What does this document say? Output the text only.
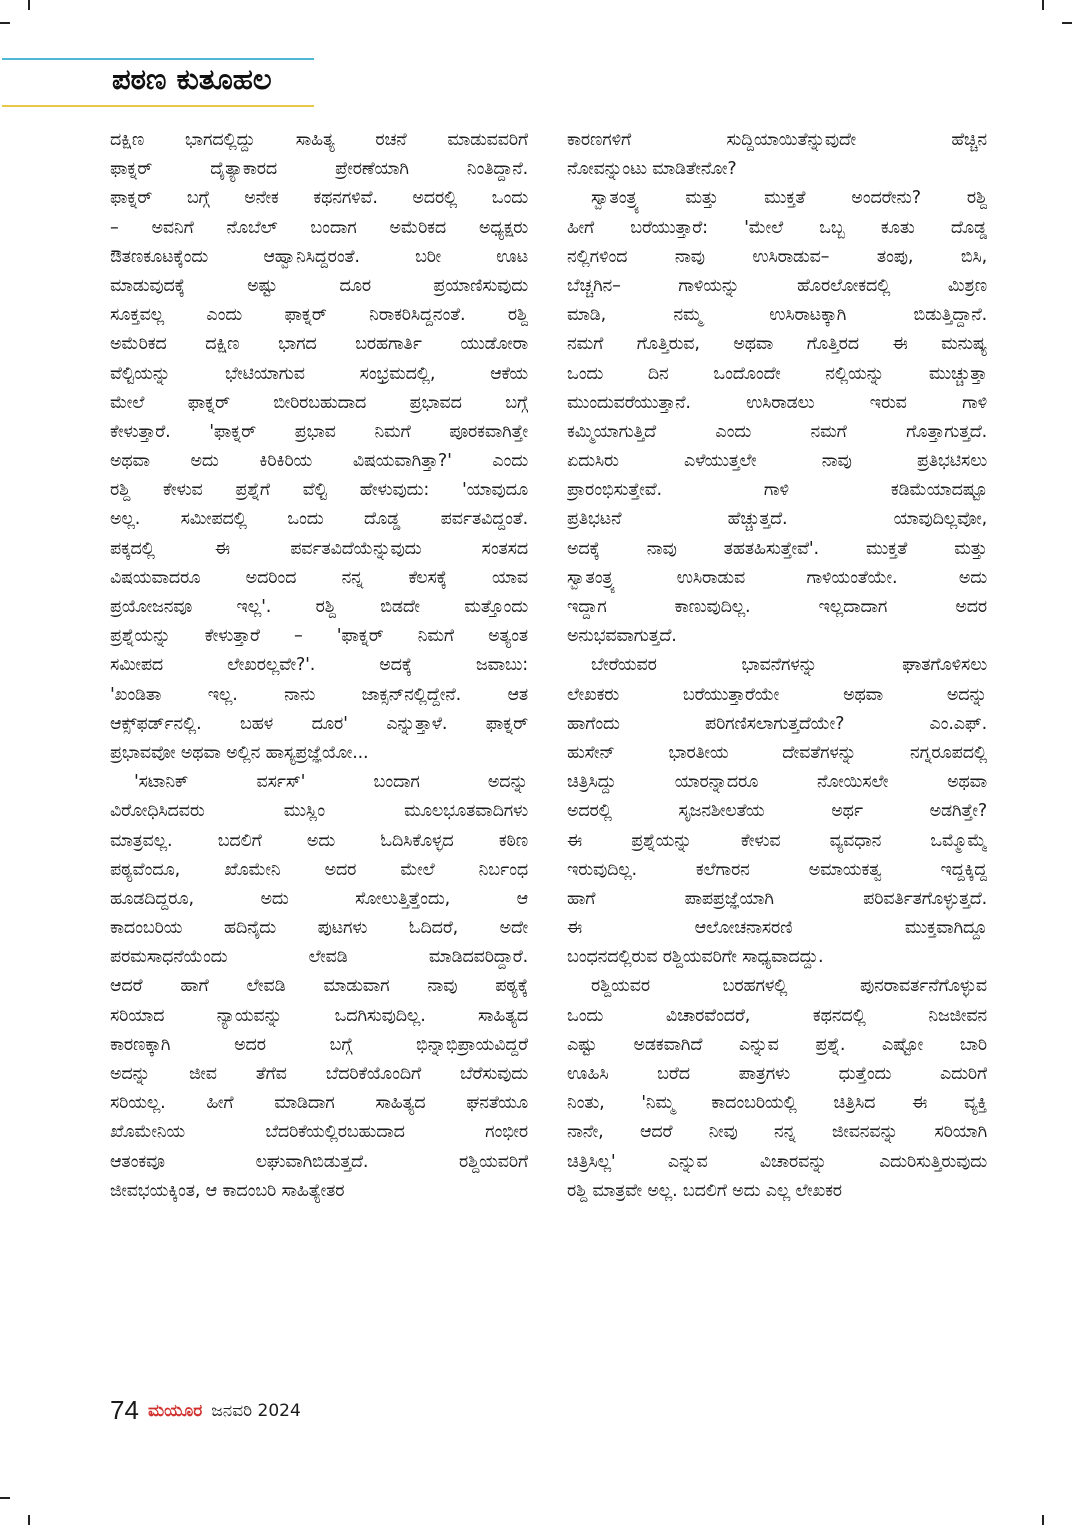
ಪಠಣ ಕುತೂಹಲ
ದಕ್ಷಿಣ ಭಾಗದಲ್ಲಿದ್ದು ಸಾಹಿತ್ಯ ರಚನೆ ಮಾಡುವವರಿಗೆ
ಫಾಕ್ನರ್ ದೈತ್ಯಾಕಾರದ ಪ್ರೇರಣೆಯಾಗಿ ನಿಂತಿದ್ದಾನೆ.
ಫಾಕ್ನರ್ ಬಗ್ಗೆ ಅನೇಕ ಕಥನಗಳಿವೆ. ಅದರಲ್ಲಿ ಒಂದು
– ಅವನಿಗೆ ನೊಬೆಲ್ ಬಂದಾಗ ಅಮೆರಿಕದ ಅಧ್ಯಕ್ಷರು
ಔತಣಕೂಟಕ್ಕೆಂದು ಆಹ್ವಾನಿಸಿದ್ದರಂತೆ. ಬರೀ ಊಟ
ಮಾಡುವುದಕ್ಕೆ ಅಷ್ಟು ದೂರ ಪ್ರಯಾಣಿಸುವುದು
ಸೂಕ್ತವಲ್ಲ ಎಂದು ಫಾಕ್ನರ್ ನಿರಾಕರಿಸಿದ್ದನಂತೆ. ರಶ್ದಿ
ಅಮೆರಿಕದ ದಕ್ಷಿಣ ಭಾಗದ ಬರಹಗಾರ್ತಿ ಯುಡೋರಾ
ವೆಲ್ಟಿಯನ್ನು ಭೇಟಿಯಾಗುವ ಸಂಭ್ರಮದಲ್ಲಿ, ಆಕೆಯ
ಮೇಲೆ ಫಾಕ್ನರ್ ಬೀರಿರಬಹುದಾದ ಪ್ರಭಾವದ ಬಗ್ಗೆ
ಕೇಳುತ್ತಾರೆ. 'ಫಾಕ್ನರ್ ಪ್ರಭಾವ ನಿಮಗೆ ಪೂರಕವಾಗಿತ್ತೇ
ಅಥವಾ ಅದು ಕಿರಿಕಿರಿಯ ವಿಷಯವಾಗಿತ್ತಾ?' ಎಂದು
ರಶ್ದಿ ಕೇಳುವ ಪ್ರಶ್ನೆಗೆ ವೆಲ್ಟಿ ಹೇಳುವುದು: 'ಯಾವುದೂ
ಅಲ್ಲ. ಸಮೀಪದಲ್ಲಿ ಒಂದು ದೊಡ್ಡ ಪರ್ವತವಿದ್ದಂತೆ.
ಪಕ್ಕದಲ್ಲಿ ಈ ಪರ್ವತವಿದೆಯೆನ್ನುವುದು ಸಂತಸದ
ವಿಷಯವಾದರೂ ಅದರಿಂದ ನನ್ನ ಕೆಲಸಕ್ಕೆ ಯಾವ
ಪ್ರಯೋಜನವೂ ಇಲ್ಲ'. ರಶ್ದಿ ಬಿಡದೇ ಮತ್ತೊಂದು
ಪ್ರಶ್ನೆಯನ್ನು ಕೇಳುತ್ತಾರೆ – 'ಫಾಕ್ನರ್ ನಿಮಗೆ ಅತ್ಯಂತ
ಸಮೀಪದ ಲೇಖರಲ್ಲವೇ?'. ಅದಕ್ಕೆ ಜವಾಬು:
'ಖಂಡಿತಾ ಇಲ್ಲ. ನಾನು ಜಾಕ್ಸನ್‌ನಲ್ಲಿದ್ದೇನೆ. ಆತ
ಆಕ್ಸ್‌ಫರ್ಡ್‌ನಲ್ಲಿ. ಬಹಳ ದೂರ' ಎನ್ನುತ್ತಾಳೆ. ಫಾಕ್ನರ್
ಪ್ರಭಾವವೋ ಅಥವಾ ಅಲ್ಲಿನ ಹಾಸ್ಯಪ್ರಜ್ಞೆಯೋ...
'ಸಟಾನಿಕ್ ವರ್ಸಸ್' ಬಂದಾಗ ಅದನ್ನು
ವಿರೋಧಿಸಿದವರು ಮುಸ್ಲಿಂ ಮೂಲಭೂತವಾದಿಗಳು
ಮಾತ್ರವಲ್ಲ. ಬದಲಿಗೆ ಅದು ಓದಿಸಿಕೊಳ್ಳದ ಕಠಿಣ
ಪಠ್ಯವೆಂದೂ, ಖೊಮೇನಿ ಅದರ ಮೇಲೆ ನಿರ್ಬಂಧ
ಹೂಡದಿದ್ದರೂ, ಅದು ಸೋಲುತ್ತಿತ್ತೆಂದು, ಆ
ಕಾದಂಬರಿಯ ಹದಿನೈದು ಪುಟಗಳು ಓದಿದರೆ, ಅದೇ
ಪರಮಸಾಧನೆಯೆಂದು ಲೇವಡಿ ಮಾಡಿದವರಿದ್ದಾರೆ.
ಆದರೆ ಹಾಗೆ ಲೇವಡಿ ಮಾಡುವಾಗ ನಾವು ಪಠ್ಯಕ್ಕೆ
ಸರಿಯಾದ ನ್ಯಾಯವನ್ನು ಒದಗಿಸುವುದಿಲ್ಲ. ಸಾಹಿತ್ಯದ
ಕಾರಣಕ್ಕಾಗಿ ಅದರ ಬಗ್ಗೆ ಭಿನ್ನಾಭಿಪ್ರಾಯವಿದ್ದರೆ
ಅದನ್ನು ಜೀವ ತೆಗೆವ ಬೆದರಿಕೆಯೊಂದಿಗೆ ಬೆರೆಸುವುದು
ಸರಿಯಲ್ಲ. ಹೀಗೆ ಮಾಡಿದಾಗ ಸಾಹಿತ್ಯದ ಘನತೆಯೂ
ಖೊಮೇನಿಯ ಬೆದರಿಕೆಯಲ್ಲಿರಬಹುದಾದ ಗಂಭೀರ
ಆತಂಕವೂ ಲಘುವಾಗಿಬಿಡುತ್ತದೆ. ರಶ್ದಿಯವರಿಗೆ
ಜೀವಭಯಕ್ಕಿಂತ, ಆ ಕಾದಂಬರಿ ಸಾಹಿತ್ಯೇತರ
ಕಾರಣಗಳಿಗೆ ಸುದ್ದಿಯಾಯಿತೆನ್ನುವುದೇ ಹೆಚ್ಚಿನ
ನೋವನ್ನುಂಟು ಮಾಡಿತೇನೋ?
ಸ್ವಾತಂತ್ರ್ಯ ಮತ್ತು ಮುಕ್ತತೆ ಅಂದರೇನು? ರಶ್ದಿ
ಹೀಗೆ ಬರೆಯುತ್ತಾರೆ: 'ಮೇಲೆ ಒಬ್ಬ ಕೂತು ದೊಡ್ಡ
ನಲ್ಲಿಗಳಿಂದ ನಾವು ಉಸಿರಾಡುವ– ತಂಪು, ಬಿಸಿ,
ಬೆಚ್ಚಗಿನ– ಗಾಳಿಯನ್ನು ಹೊರಲೋಕದಲ್ಲಿ ಮಿಶ್ರಣ
ಮಾಡಿ, ನಮ್ಮ ಉಸಿರಾಟಕ್ಕಾಗಿ ಬಿಡುತ್ತಿದ್ದಾನೆ.
ನಮಗೆ ಗೊತ್ತಿರುವ, ಅಥವಾ ಗೊತ್ತಿರದ ಈ ಮನುಷ್ಯ
ಒಂದು ದಿನ ಒಂದೊಂದೇ ನಲ್ಲಿಯನ್ನು ಮುಚ್ಚುತ್ತಾ
ಮುಂದುವರೆಯುತ್ತಾನೆ. ಉಸಿರಾಡಲು ಇರುವ ಗಾಳಿ
ಕಮ್ಮಿಯಾಗುತ್ತಿದೆ ಎಂದು ನಮಗೆ ಗೊತ್ತಾಗುತ್ತದೆ.
ಏದುಸಿರು ಎಳೆಯುತ್ತಲೇ ನಾವು ಪ್ರತಿಭಟಿಸಲು
ಪ್ರಾರಂಭಿಸುತ್ತೇವೆ. ಗಾಳಿ ಕಡಿಮೆಯಾದಷ್ಟೂ
ಪ್ರತಿಭಟನೆ ಹೆಚ್ಚುತ್ತದೆ. ಯಾವುದಿಲ್ಲವೋ,
ಅದಕ್ಕೆ ನಾವು ತಹತಹಿಸುತ್ತೇವೆ'. ಮುಕ್ತತೆ ಮತ್ತು
ಸ್ವಾತಂತ್ರ್ಯ ಉಸಿರಾಡುವ ಗಾಳಿಯಂತೆಯೇ. ಅದು
ಇದ್ದಾಗ ಕಾಣುವುದಿಲ್ಲ. ಇಲ್ಲದಾದಾಗ ಅದರ
ಅನುಭವವಾಗುತ್ತದೆ.
ಬೇರೆಯವರ ಭಾವನೆಗಳನ್ನು ಘಾತಗೊಳಿಸಲು
ಲೇಖಕರು ಬರೆಯುತ್ತಾರೆಯೇ ಅಥವಾ ಅದನ್ನು
ಹಾಗೆಂದು ಪರಿಗಣಿಸಲಾಗುತ್ತದೆಯೇ? ಎಂ.ಎಫ್.
ಹುಸೇನ್ ಭಾರತೀಯ ದೇವತೆಗಳನ್ನು ನಗ್ನರೂಪದಲ್ಲಿ
ಚಿತ್ರಿಸಿದ್ದು ಯಾರನ್ನಾದರೂ ನೋಯಿಸಲೇ ಅಥವಾ
ಅದರಲ್ಲಿ ಸೃಜನಶೀಲತೆಯ ಅರ್ಥ ಅಡಗಿತ್ತೇ?
ಈ ಪ್ರಶ್ನೆಯನ್ನು ಕೇಳುವ ವ್ಯವಧಾನ ಒಮ್ಮೊಮ್ಮೆ
ಇರುವುದಿಲ್ಲ. ಕಲೆಗಾರನ ಅಮಾಯಕತ್ವ ಇದ್ದಕ್ಕಿದ್ದ
ಹಾಗೆ ಪಾಪಪ್ರಜ್ಞೆಯಾಗಿ ಪರಿವರ್ತಿತಗೊಳ್ಳುತ್ತದೆ.
ಈ ಆಲೋಚನಾಸರಣಿ ಮುಕ್ತವಾಗಿದ್ದೂ
ಬಂಧನದಲ್ಲಿರುವ ರಶ್ದಿಯವರಿಗೇ ಸಾಧ್ಯವಾದದ್ದು.
ರಶ್ದಿಯವರ ಬರಹಗಳಲ್ಲಿ ಪುನರಾವರ್ತನೆಗೊಳ್ಳುವ
ಒಂದು ವಿಚಾರವೆಂದರೆ, ಕಥನದಲ್ಲಿ ನಿಜಜೀವನ
ಎಷ್ಟು ಅಡಕವಾಗಿದೆ ಎನ್ನುವ ಪ್ರಶ್ನೆ. ಎಷ್ಟೋ ಬಾರಿ
ಊಹಿಸಿ ಬರೆದ ಪಾತ್ರಗಳು ಧುತ್ತೆಂದು ಎದುರಿಗೆ
ನಿಂತು, 'ನಿಮ್ಮ ಕಾದಂಬರಿಯಲ್ಲಿ ಚಿತ್ರಿಸಿದ ಈ ವ್ಯಕ್ತಿ
ನಾನೇ, ಆದರೆ ನೀವು ನನ್ನ ಜೀವನವನ್ನು ಸರಿಯಾಗಿ
ಚಿತ್ರಿಸಿಲ್ಲ' ಎನ್ನುವ ವಿಚಾರವನ್ನು ಎದುರಿಸುತ್ತಿರುವುದು
ರಶ್ದಿ ಮಾತ್ರವೇ ಅಲ್ಲ. ಬದಲಿಗೆ ಅದು ಎಲ್ಲ ಲೇಖಕರ
74 ಮಯೂರ ಜನವರಿ 2024
